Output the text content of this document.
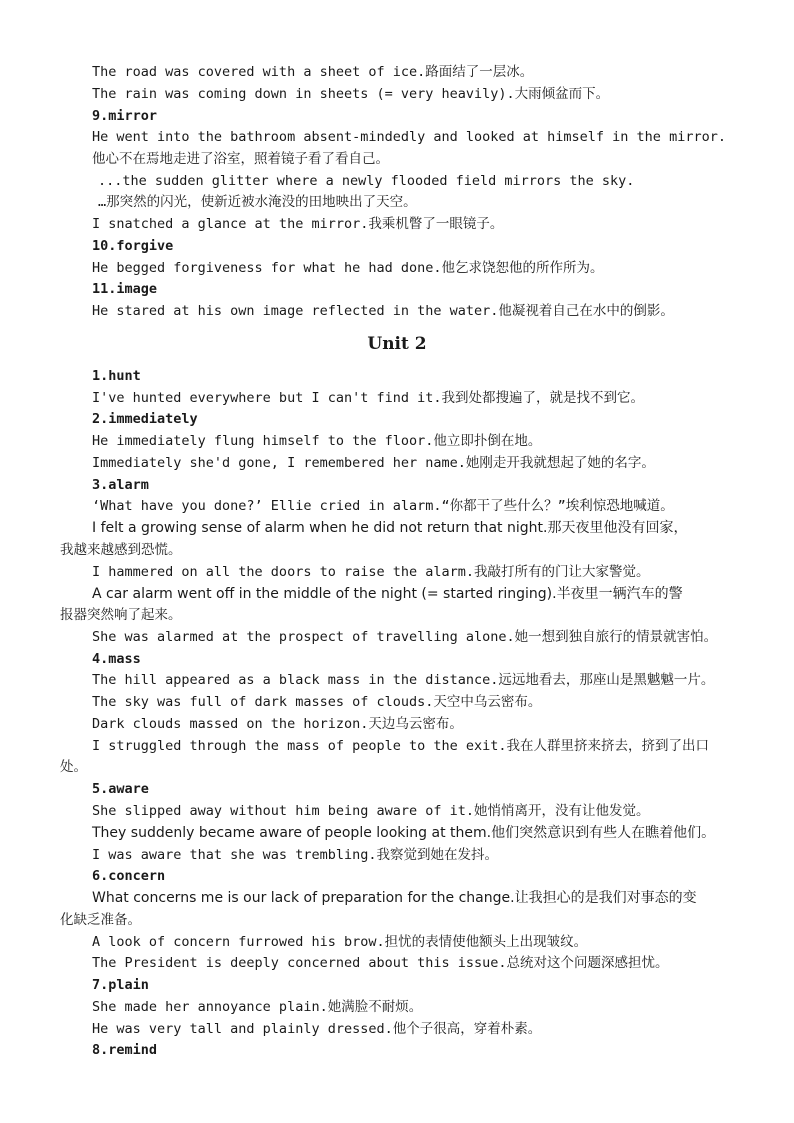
The road was covered with a sheet of ice.路面结了一层冰。
The rain was coming down in sheets (= very heavily).大雨倾盆而下。
9.mirror
He went into the bathroom absent-mindedly and looked at himself in the mirror.
他心不在焉地走进了浴室，照着镜子看了看自己。
...the sudden glitter where a newly flooded field mirrors the sky.
…那突然的闪光，使新近被水淹没的田地映出了天空。
I snatched a glance at the mirror.我乘机瞥了一眼镜子。
10.forgive
He begged forgiveness for what he had done.他乞求饶恕他的所作所为。
11.image
He stared at his own image reflected in the water.他凝视着自己在水中的倒影。
Unit 2
1.hunt
I've hunted everywhere but I can't find it.我到处都搜遍了，就是找不到它。
2.immediately
He immediately flung himself to the floor.他立即扑倒在地。
Immediately she'd gone, I remembered her name.她刚走开我就想起了她的名字。
3.alarm
‘What have you done?’ Ellie cried in alarm.“你都干了些什么？”埃利惊恐地喊道。
I felt a growing sense of alarm when he did not return that night.那天夜里他没有回家，
我越来越感到恐慌。
I hammered on all the doors to raise the alarm.我敲打所有的门让大家警觉。
A car alarm went off in the middle of the night (= started ringing).半夜里一辆汽车的警
报器突然响了起来。
She was alarmed at the prospect of travelling alone.她一想到独自旅行的情景就害怕。
4.mass
The hill appeared as a black mass in the distance.远远地看去，那座山是黑魆魆一片。
The sky was full of dark masses of clouds.天空中乌云密布。
Dark clouds massed on the horizon.天边乌云密布。
I struggled through the mass of people to the exit.我在人群里挤来挤去，挤到了出口
处。
5.aware
She slipped away without him being aware of it.她悄悄离开，没有让他发觉。
They suddenly became aware of people looking at them.他们突然意识到有些人在瞧着他们。
I was aware that she was trembling.我察觉到她在发抖。
6.concern
What concerns me is our lack of preparation for the change.让我担心的是我们对事态的变
化缺乏准备。
A look of concern furrowed his brow.担忧的表情使他额头上出现皱纹。
The President is deeply concerned about this issue.总统对这个问题深感担忧。
7.plain
She made her annoyance plain.她满脸不耐烦。
He was very tall and plainly dressed.他个子很高，穿着朴素。
8.remind
